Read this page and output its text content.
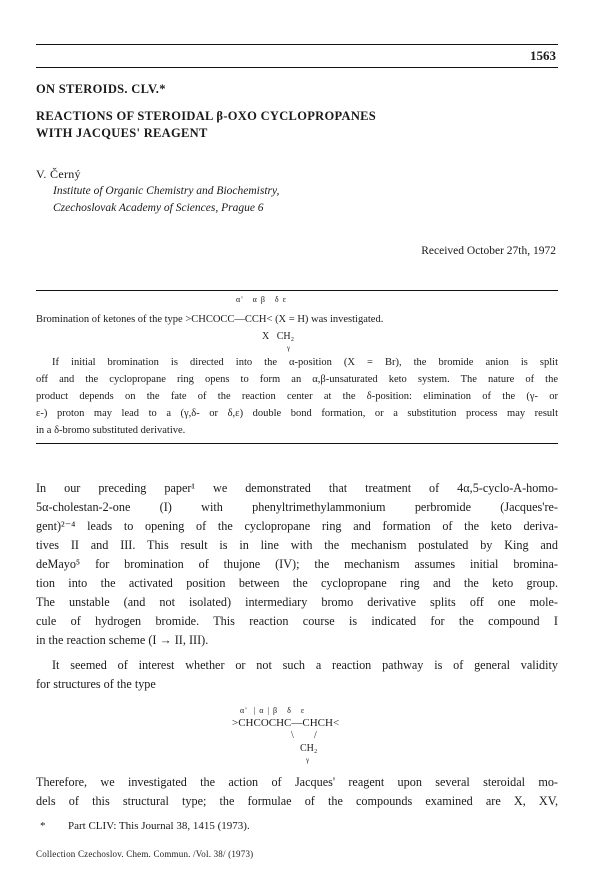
1563
ON STEROIDS. CLV.*
REACTIONS OF STEROIDAL β-OXO CYCLOPROPANES
WITH JACQUES' REAGENT
V. Černý
Institute of Organic Chemistry and Biochemistry,
Czechoslovak Academy of Sciences, Prague 6
Received October 27th, 1972
α'   α β   δ ε
Bromination of ketones of the type >CHCOCC—CCH< (X = H) was investigated.
X   CH₂
γ
If initial bromination is directed into the α-position (X = Br), the bromide anion is split
off and the cyclopropane ring opens to form an α,β-unsaturated keto system. The nature of the
product depends on the fate of the reaction center at the δ-position: elimination of the (γ- or
ε-) proton may lead to a (γ,δ- or δ,ε) double bond formation, or a substitution process may result
in a δ-bromo substituted derivative.
In our preceding paper¹ we demonstrated that treatment of 4α,5-cyclo-A-homo-
5α-cholestan-2-one (I) with phenyltrimethylammonium perbromide (Jacques're-
gent)²⁻⁴ leads to opening of the cyclopropane ring and formation of the keto deriva-
tives II and III. This result is in line with the mechanism postulated by King and
deMayo⁵ for bromination of thujone (IV); the mechanism assumes initial bromina-
tion into the activated position between the cyclopropane ring and the keto group.
The unstable (and not isolated) intermediary bromo derivative splits off one mole-
cule of hydrogen bromide. This reaction course is indicated for the compound I
in the reaction scheme (I → II, III).
It seemed of interest whether or not such a reaction pathway is of general validity
for structures of the type
α'  | α | β   δ   ε
>CHCOCHC—CHCH<
\ /
CH₂
γ
Therefore, we investigated the action of Jacques' reagent upon several steroidal mo-
dels of this structural type; the formulae of the compounds examined are X, XV,
* Part CLIV: This Journal 38, 1415 (1973).
Collection Czechoslov. Chem. Commun. /Vol. 38/ (1973)
